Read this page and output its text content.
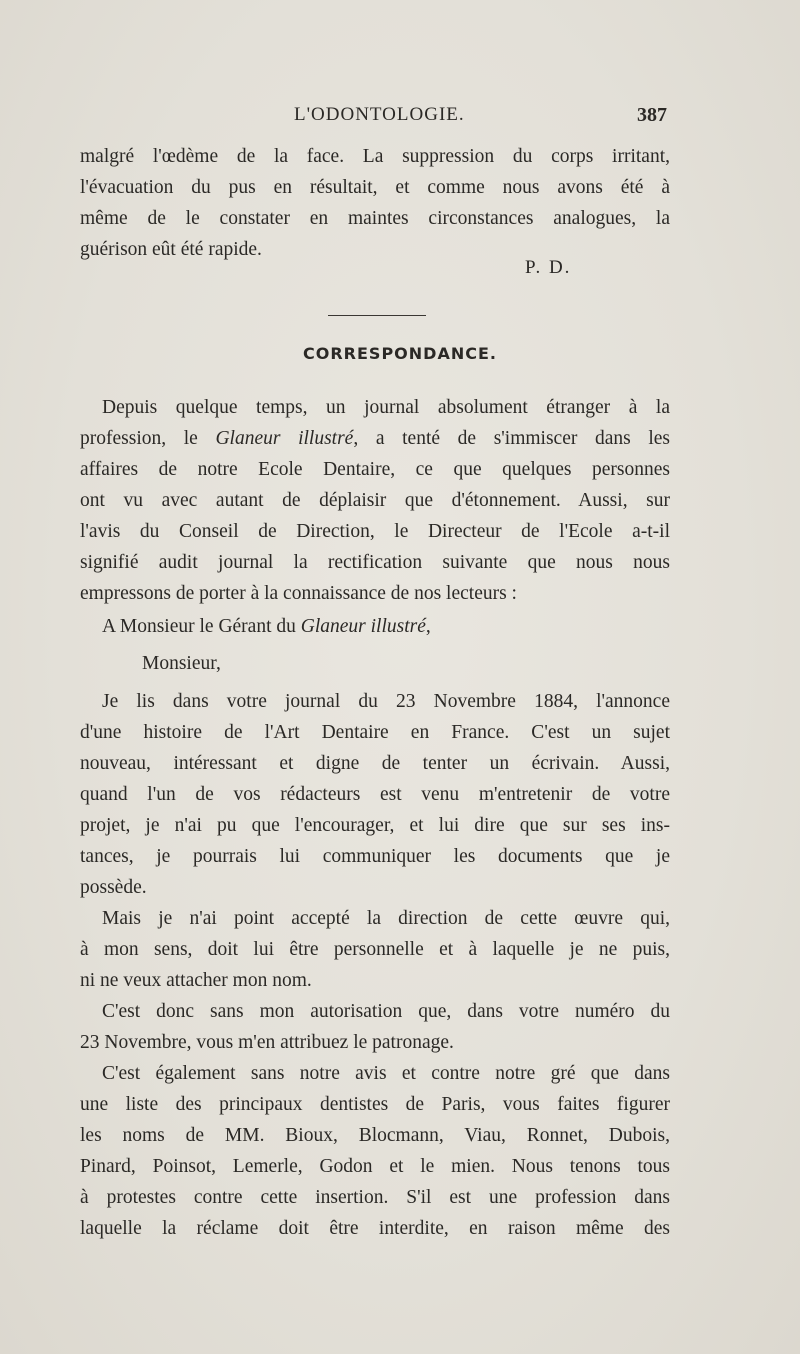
L'ODONTOLOGIE.	387
malgré l'œdème de la face. La suppression du corps irritant,
l'évacuation du pus en résultait, et comme nous avons été à
même de le constater en maintes circonstances analogues, la
guérison eût été rapide.
P. D.
CORRESPONDANCE.
Depuis quelque temps, un journal absolument étranger à la
profession, le Glaneur illustré, a tenté de s'immiscer dans les
affaires de notre Ecole Dentaire, ce que quelques personnes
ont vu avec autant de déplaisir que d'étonnement. Aussi, sur
l'avis du Conseil de Direction, le Directeur de l'Ecole a-t-il
signifié audit journal la rectification suivante que nous nous
empressons de porter à la connaissance de nos lecteurs :
A Monsieur le Gérant du Glaneur illustré,
Monsieur,
Je lis dans votre journal du 23 Novembre 1884, l'annonce
d'une histoire de l'Art Dentaire en France. C'est un sujet
nouveau, intéressant et digne de tenter un écrivain. Aussi,
quand l'un de vos rédacteurs est venu m'entretenir de votre
projet, je n'ai pu que l'encourager, et lui dire que sur ses ins-
tances, je pourrais lui communiquer les documents que je
possède.
Mais je n'ai point accepté la direction de cette œuvre qui,
à mon sens, doit lui être personnelle et à laquelle je ne puis,
ni ne veux attacher mon nom.
C'est donc sans mon autorisation que, dans votre numéro du
23 Novembre, vous m'en attribuez le patronage.
C'est également sans notre avis et contre notre gré que dans
une liste des principaux dentistes de Paris, vous faites figurer
les noms de MM. Bioux, Blocmann, Viau, Ronnet, Dubois,
Pinard, Poinsot, Lemerle, Godon et le mien. Nous tenons tous
à protestes contre cette insertion. S'il est une profession dans
laquelle la réclame doit être interdite, en raison même des
